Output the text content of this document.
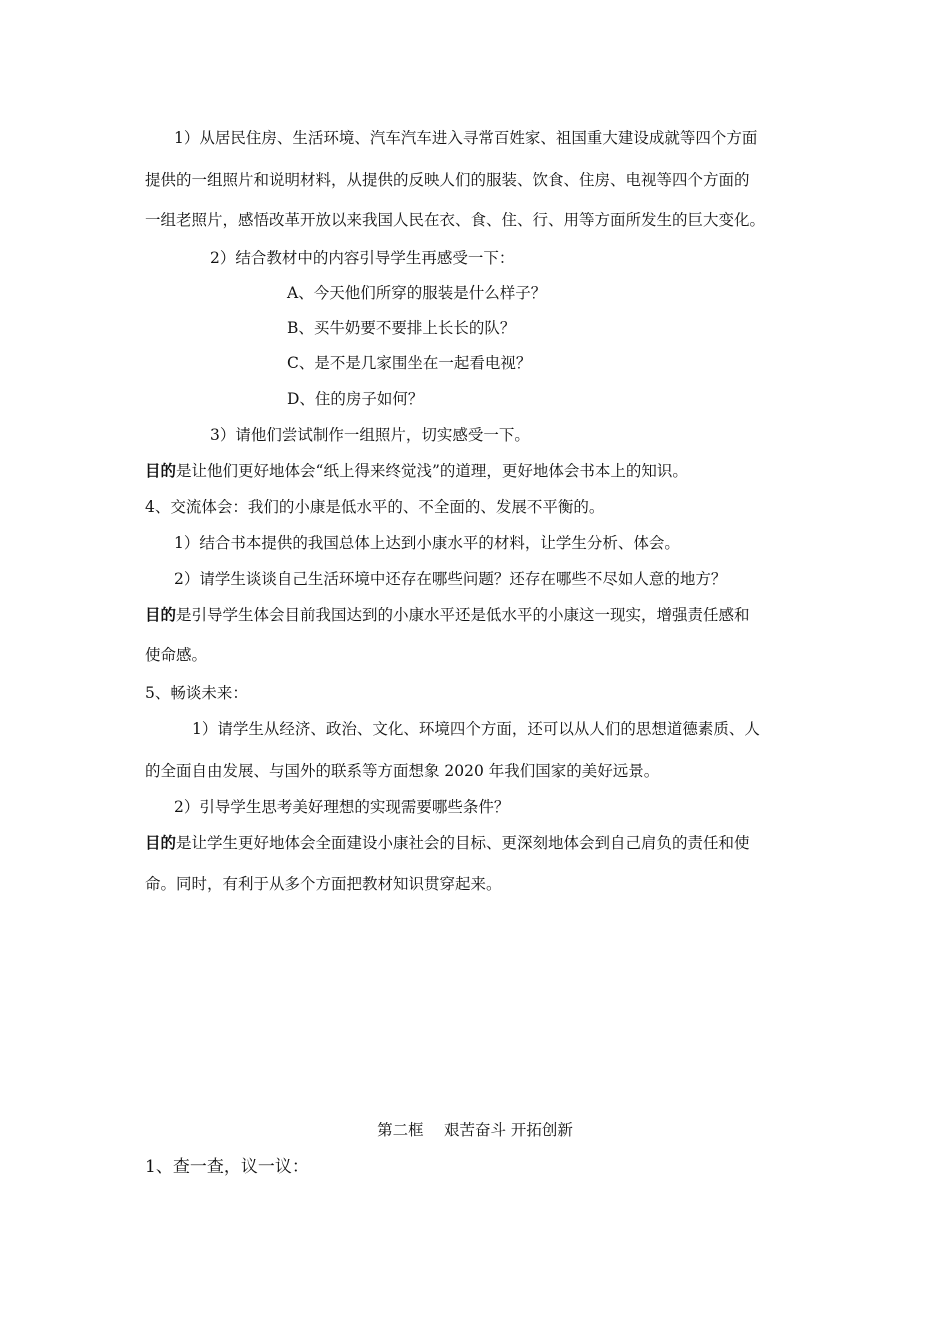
1）从居民住房、生活环境、汽车汽车进入寻常百姓家、祖国重大建设成就等四个方面
提供的一组照片和说明材料，从提供的反映人们的服装、饮食、住房、电视等四个方面的
一组老照片，感悟改革开放以来我国人民在衣、食、住、行、用等方面所发生的巨大变化。
2）结合教材中的内容引导学生再感受一下：
A、今天他们所穿的服装是什么样子？
B、买牛奶要不要排上长长的队？
C、是不是几家围坐在一起看电视？
D、住的房子如何？
3）请他们尝试制作一组照片，切实感受一下。
目的是让他们更好地体会“纸上得来终觉浅”的道理，更好地体会书本上的知识。
4、交流体会：我们的小康是低水平的、不全面的、发展不平衡的。
1）结合书本提供的我国总体上达到小康水平的材料，让学生分析、体会。
2）请学生谈谈自己生活环境中还存在哪些问题？还存在哪些不尽如人意的地方？
目的是引导学生体会目前我国达到的小康水平还是低水平的小康这一现实，增强责任感和
使命感。
5、畅谈未来：
1）请学生从经济、政治、文化、环境四个方面，还可以从人们的思想道德素质、人
的全面自由发展、与国外的联系等方面想象 2020 年我们国家的美好远景。
2）引导学生思考美好理想的实现需要哪些条件？
目的是让学生更好地体会全面建设小康社会的目标、更深刻地体会到自己肩负的责任和使
命。同时，有利于从多个方面把教材知识贯穿起来。
第二框　 艰苦奋斗 开拓创新
1、查一查，议一议：
